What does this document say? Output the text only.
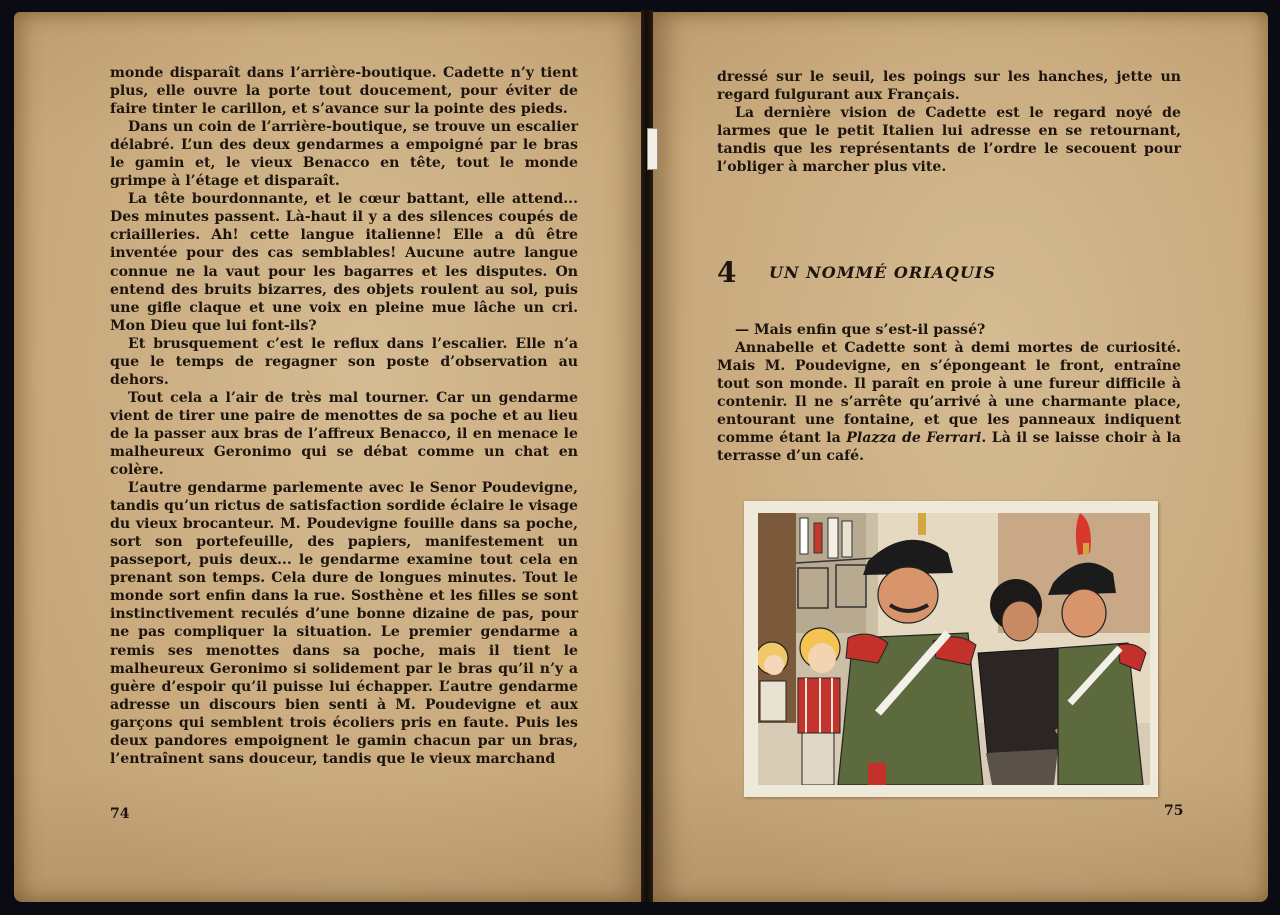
monde disparaît dans l’arrière-boutique. Cadette n’y tient plus, elle ouvre la porte tout doucement, pour éviter de faire tinter le carillon, et s’avance sur la pointe des pieds.

Dans un coin de l’arrière-boutique, se trouve un escalier délabré. L’un des deux gendarmes a empoigné par le bras le gamin et, le vieux Benacco en tête, tout le monde grimpe à l’étage et disparaît.

La tête bourdonnante, et le cœur battant, elle attend... Des minutes passent. Là-haut il y a des silences coupés de criailleries. Ah! cette langue italienne! Elle a dû être inventée pour des cas semblables! Aucune autre langue connue ne la vaut pour les bagarres et les disputes. On entend des bruits bizarres, des objets roulent au sol, puis une gifle claque et une voix en pleine mue lâche un cri. Mon Dieu que lui font-ils?

Et brusquement c’est le reflux dans l’escalier. Elle n’a que le temps de regagner son poste d’observation au dehors.

Tout cela a l’air de très mal tourner. Car un gendarme vient de tirer une paire de menottes de sa poche et au lieu de la passer aux bras de l’affreux Benacco, il en menace le malheureux Geronimo qui se débat comme un chat en colère.

L’autre gendarme parlemente avec le Senor Poudevigne, tandis qu’un rictus de satisfaction sordide éclaire le visage du vieux brocanteur. M. Poudevigne fouille dans sa poche, sort son portefeuille, des papiers, manifestement un passeport, puis deux... le gendarme examine tout cela en prenant son temps. Cela dure de longues minutes. Tout le monde sort enfin dans la rue. Sosthène et les filles se sont instinctivement reculés d’une bonne dizaine de pas, pour ne pas compliquer la situation. Le premier gendarme a remis ses menottes dans sa poche, mais il tient le malheureux Geronimo si solidement par le bras qu’il n’y a guère d’espoir qu’il puisse lui échapper. L’autre gendarme adresse un discours bien senti à M. Poudevigne et aux garçons qui semblent trois écoliers pris en faute. Puis les deux pandores empoignent le gamin chacun par un bras, l’entraînent sans douceur, tandis que le vieux marchand

74

dressé sur le seuil, les poings sur les hanches, jette un regard fulgurant aux Français.

La dernière vision de Cadette est le regard noyé de larmes que le petit Italien lui adresse en se retournant, tandis que les représentants de l’ordre le secouent pour l’obliger à marcher plus vite.

4 UN NOMMÉ ORIAQUIS

— Mais enfin que s’est-il passé?

Annabelle et Cadette sont à demi mortes de curiosité. Mais M. Poudevigne, en s’épongeant le front, entraîne tout son monde. Il paraît en proie à une fureur difficile à contenir. Il ne s’arrête qu’arrivé à une charmante place, entourant une fontaine, et que les panneaux indiquent comme étant la Plazza de Ferrari. Là il se laisse choir à la terrasse d’un café.

75
